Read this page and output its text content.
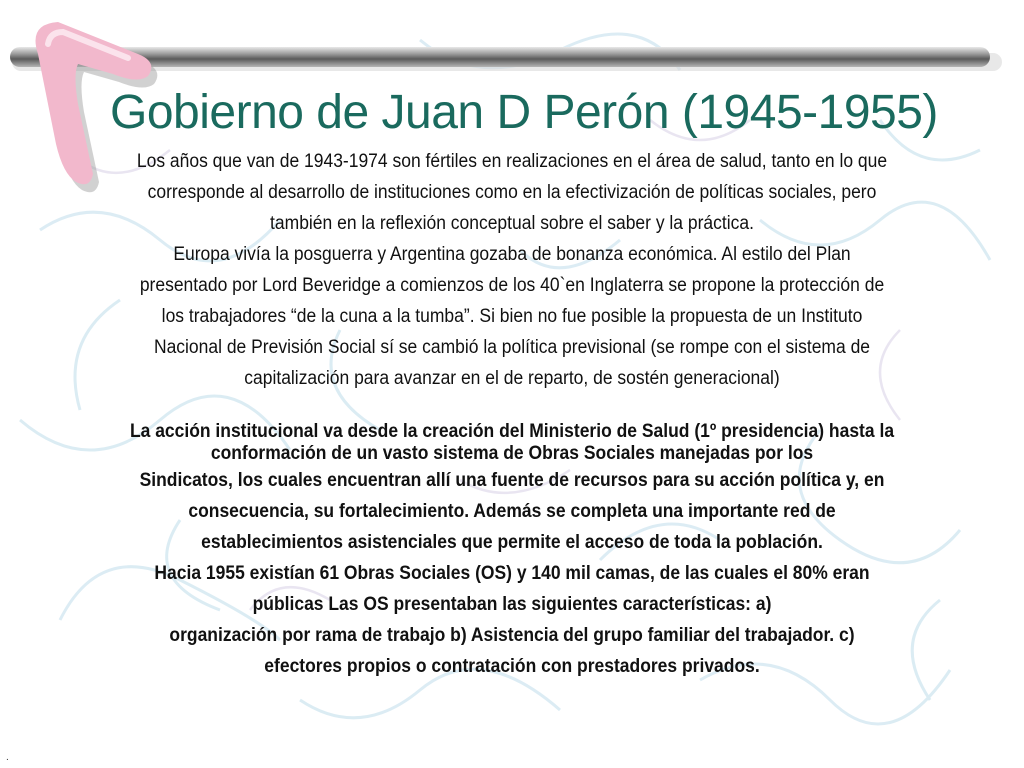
Gobierno de Juan D Perón (1945-1955)
Los años que van de 1943-1974 son fértiles en realizaciones en el área de salud, tanto en lo que
corresponde al desarrollo de instituciones como en la efectivización de políticas sociales, pero
también en la reflexión conceptual sobre el saber y la práctica.
Europa vivía la posguerra y Argentina gozaba de bonanza económica. Al estilo del Plan
presentado por Lord Beveridge a comienzos de los 40`en Inglaterra se propone la protección de
los trabajadores “de la cuna a la tumba”. Si bien no fue posible la propuesta de un Instituto
Nacional de Previsión Social sí se cambió la política previsional (se rompe con el sistema de
capitalización para avanzar en el de reparto, de sostén generacional)
La acción institucional va desde la creación del Ministerio de Salud (1º presidencia) hasta la
conformación de un vasto sistema de Obras Sociales manejadas por los
Sindicatos, los cuales encuentran allí una fuente de recursos para su acción política y, en
consecuencia, su fortalecimiento. Además se completa una importante red de
establecimientos asistenciales que permite el acceso de toda la población.
Hacia 1955 existían 61 Obras Sociales (OS) y 140 mil camas, de las cuales el 80% eran
públicas Las OS presentaban las siguientes características: a)
organización por rama de trabajo b) Asistencia del grupo familiar del trabajador. c)
efectores propios o contratación con prestadores privados.
.
